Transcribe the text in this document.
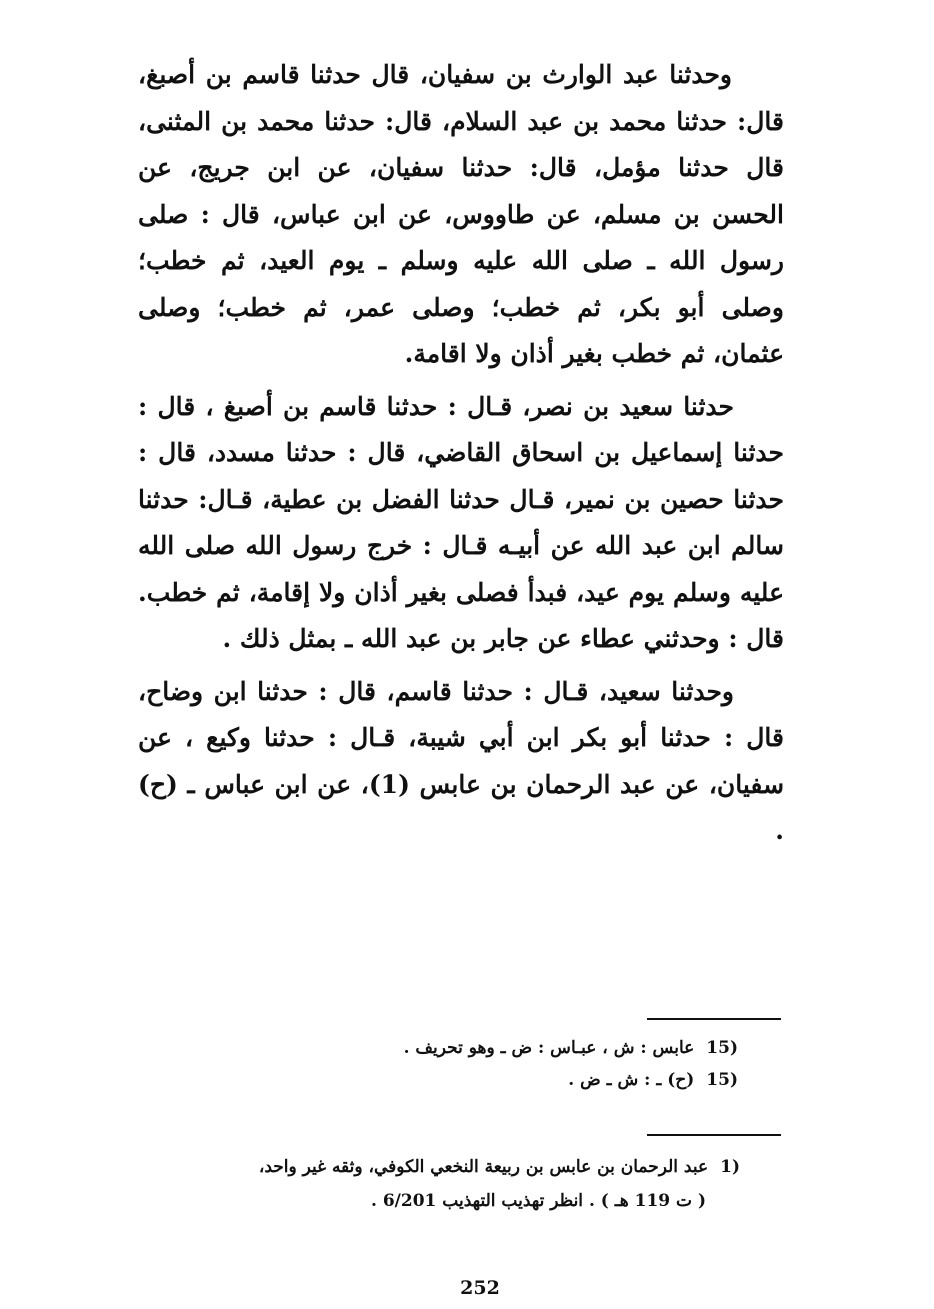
وحدثنا عبد الوارث بن سفيان، قال حدثنا قاسم بن أصبغ، قال: حدثنا محمد بن عبد السلام، قال: حدثنا محمد بن المثنى، قال حدثنا مؤمل، قال: حدثنا سفيان، عن ابن جريج، عن الحسن بن مسلم، عن طاووس، عن ابن عباس، قال : صلى رسول الله ـ صلى الله عليه وسلم ـ يوم العيد، ثم خطب؛ وصلى أبو بكر، ثم خطب؛ وصلى عمر، ثم خطب؛ وصلى عثمان، ثم خطب بغير أذان ولا اقامة.

حدثنا سعيد بن نصر، قـال : حدثنا قاسم بن أصبغ ، قال : حدثنا إسماعيل بن اسحاق القاضي، قال : حدثنا مسدد، قال : حدثنا حصين بن نمير، قـال حدثنا الفضل بن عطية، قـال: حدثنا سالم ابن عبد الله عن أبيـه قـال : خرج رسول الله صلى الله عليه وسلم يوم عيد، فبدأ فصلى بغير أذان ولا إقامة، ثم خطب. قال : وحدثني عطاء عن جابر بن عبد الله ـ بمثل ذلك .

وحدثنا سعيد، قـال : حدثنا قاسم، قال : حدثنا ابن وضاح، قال : حدثنا أبو بكر ابن أبي شيبة، قـال : حدثنا وكيع ، عن سفيان، عن عبد الرحمان بن عابس (1)، عن ابن عباس ـ (ح) .

15)عابس : ش ، عبـاس : ض ـ وهو تحريف .
15)(ح) ـ : ش ـ ض .
1)عبد الرحمان بن عابس بن ربيعة النخعي الكوفي، وثقه غير واحد،
( ت 119 هـ ) . انظر تهذيب التهذيب 6/201 .
252
